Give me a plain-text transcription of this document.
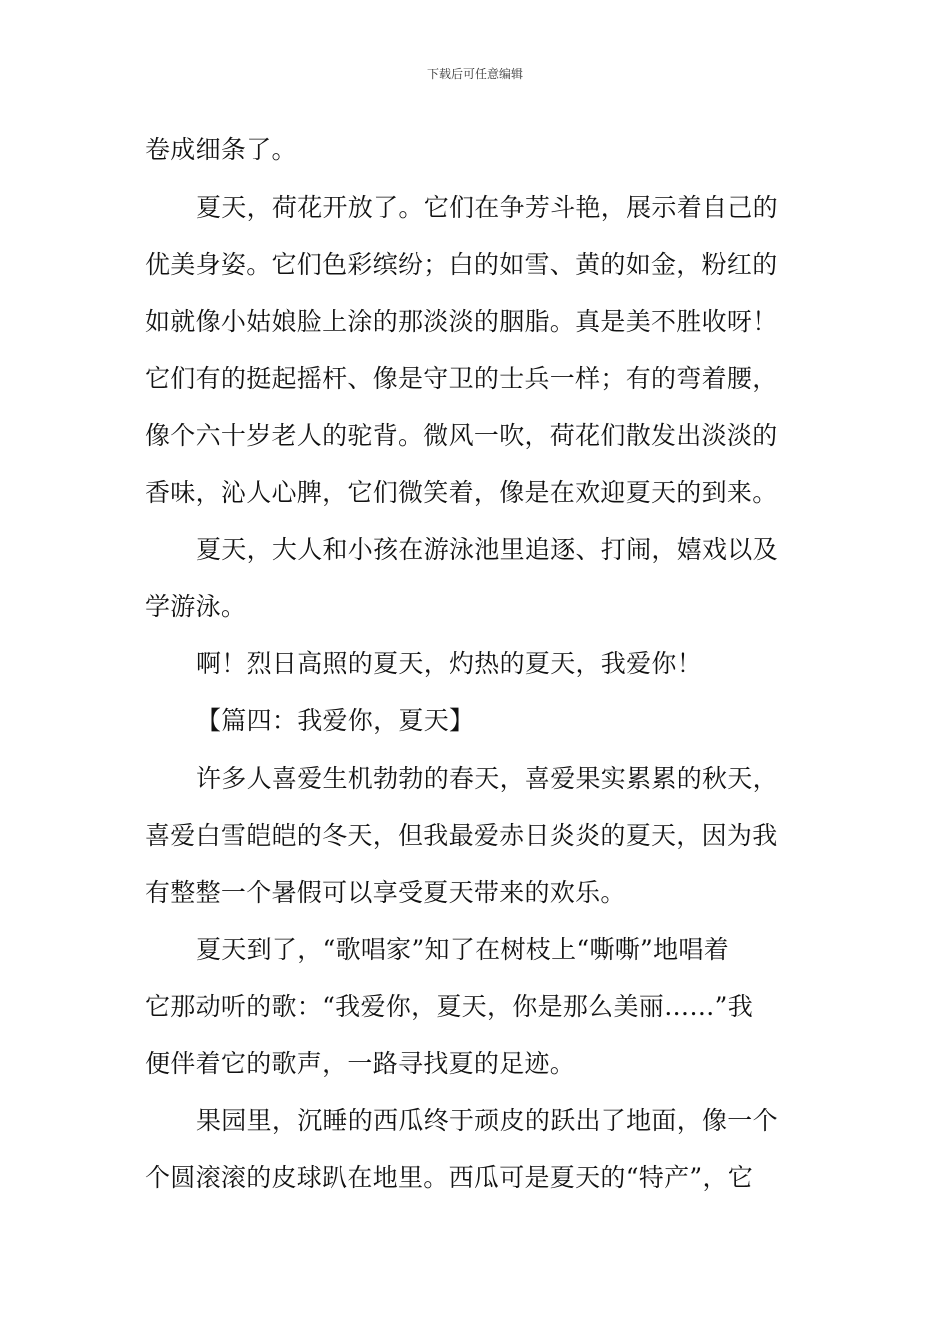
下载后可任意编辑
卷成细条了。
夏天，荷花开放了。它们在争芳斗艳，展示着自己的
优美身姿。它们色彩缤纷；白的如雪、黄的如金，粉红的
如就像小姑娘脸上涂的那淡淡的胭脂。真是美不胜收呀！
它们有的挺起摇杆、像是守卫的士兵一样；有的弯着腰，
像个六十岁老人的驼背。微风一吹，荷花们散发出淡淡的
香味，沁人心脾，它们微笑着，像是在欢迎夏天的到来。
夏天，大人和小孩在游泳池里追逐、打闹，嬉戏以及
学游泳。
啊！烈日高照的夏天，灼热的夏天，我爱你！
【篇四：我爱你，夏天】
许多人喜爱生机勃勃的春天，喜爱果实累累的秋天，
喜爱白雪皑皑的冬天，但我最爱赤日炎炎的夏天，因为我
有整整一个暑假可以享受夏天带来的欢乐。
夏天到了，“歌唱家”知了在树枝上“嘶嘶”地唱着
它那动听的歌：“我爱你，夏天，你是那么美丽……”我
便伴着它的歌声，一路寻找夏的足迹。
果园里，沉睡的西瓜终于顽皮的跃出了地面，像一个
个圆滚滚的皮球趴在地里。西瓜可是夏天的“特产”，它
